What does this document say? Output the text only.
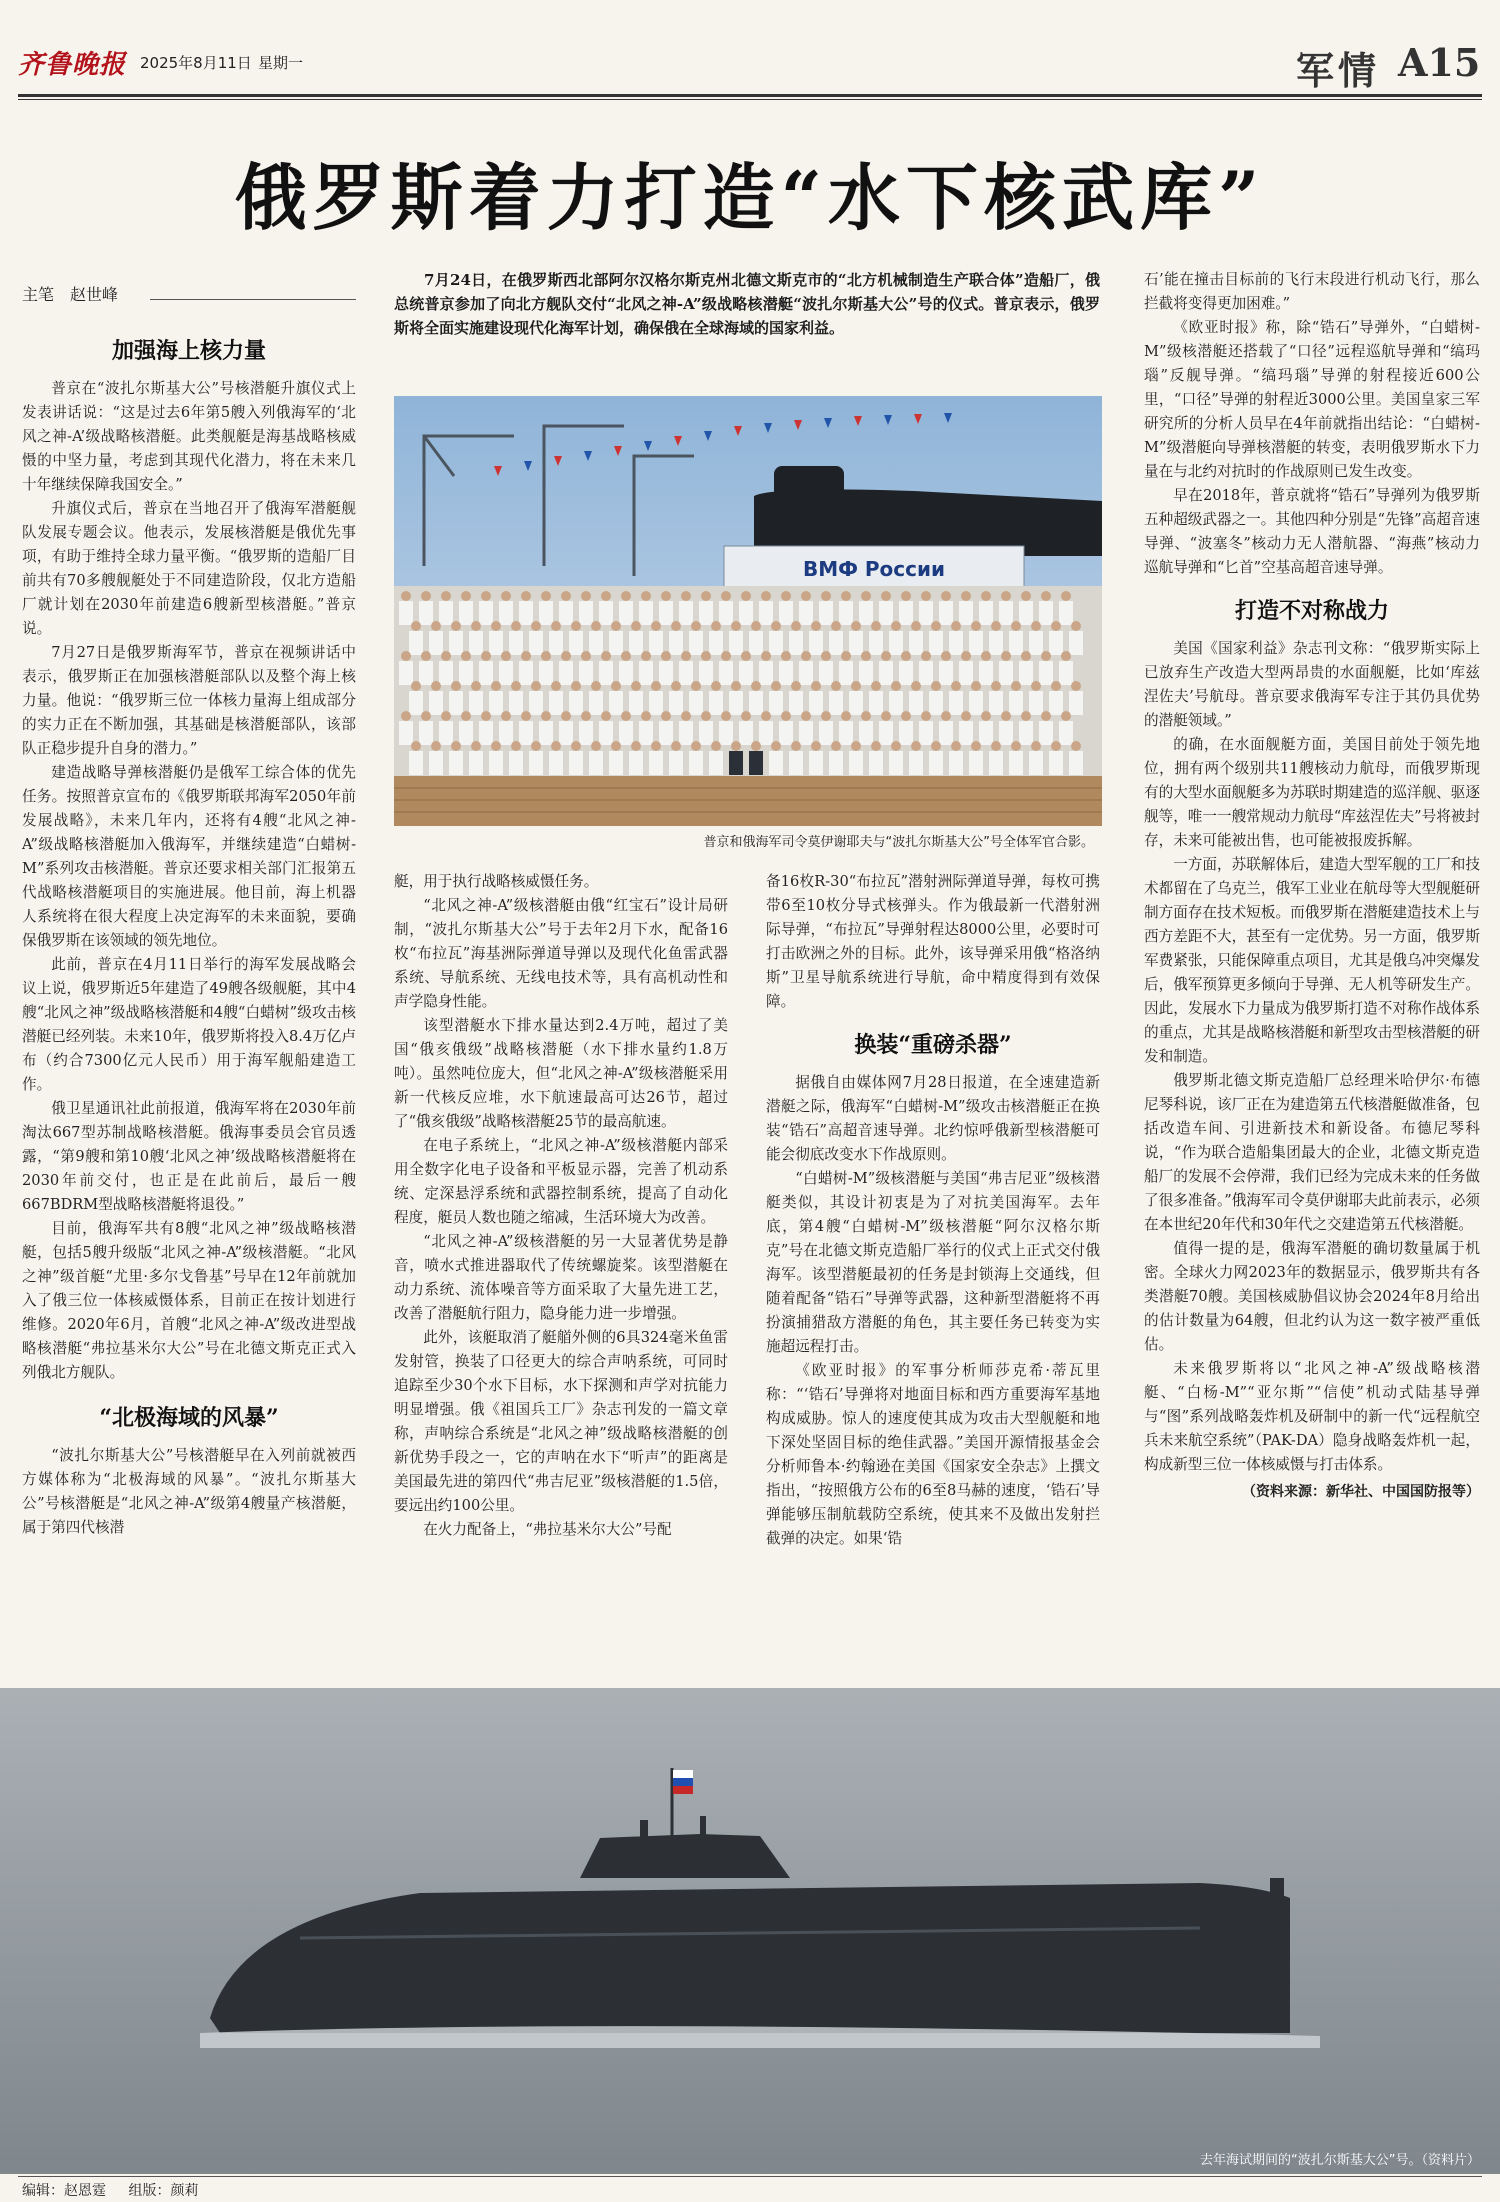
齐鲁晚报 2025年8月11日 星期一	军情 A15
俄罗斯着力打造“水下核武库”
主笔　赵世峰
加强海上核力量

普京在“波扎尔斯基大公”号核潜艇升旗仪式上发表讲话说：“这是过去6年第5艘入列俄海军的‘北风之神-A’级战略核潜艇。此类舰艇是海基战略核威慑的中坚力量，考虑到其现代化潜力，将在未来几十年继续保障我国安全。”

升旗仪式后，普京在当地召开了俄海军潜艇舰队发展专题会议。他表示，发展核潜艇是俄优先事项，有助于维持全球力量平衡。“俄罗斯的造船厂目前共有70多艘舰艇处于不同建造阶段，仅北方造船厂就计划在2030年前建造6艘新型核潜艇。”普京说。

7月27日是俄罗斯海军节，普京在视频讲话中表示，俄罗斯正在加强核潜艇部队以及整个海上核力量。他说：“俄罗斯三位一体核力量海上组成部分的实力正在不断加强，其基础是核潜艇部队，该部队正稳步提升自身的潜力。”

建造战略导弹核潜艇仍是俄军工综合体的优先任务。按照普京宣布的《俄罗斯联邦海军2050年前发展战略》，未来几年内，还将有4艘“北风之神-A”级战略核潜艇加入俄海军，并继续建造“白蜡树-M”系列攻击核潜艇。普京还要求相关部门汇报第五代战略核潜艇项目的实施进展。他目前，海上机器人系统将在很大程度上决定海军的未来面貌，要确保俄罗斯在该领域的领先地位。

此前，普京在4月11日举行的海军发展战略会议上说，俄罗斯近5年建造了49艘各级舰艇，其中4艘“北风之神”级战略核潜艇和4艘“白蜡树”级攻击核潜艇已经列装。未来10年，俄罗斯将投入8.4万亿卢布（约合7300亿元人民币）用于海军舰船建造工作。

俄卫星通讯社此前报道，俄海军将在2030年前淘汰667型苏制战略核潜艇。俄海事委员会官员透露，“第9艘和第10艘‘北风之神’级战略核潜艇将在2030年前交付，也正是在此前后，最后一艘667BDRM型战略核潜艇将退役。”

目前，俄海军共有8艘“北风之神”级战略核潜艇，包括5艘升级版“北风之神-A”级核潜艇。“北风之神”级首艇“尤里·多尔戈鲁基”号早在12年前就加入了俄三位一体核威慑体系，目前正在按计划进行维修。2020年6月，首艘“北风之神-A”级改进型战略核潜艇“弗拉基米尔大公”号在北德文斯克正式入列俄北方舰队。

“北极海域的风暴”

“波扎尔斯基大公”号核潜艇早在入列前就被西方媒体称为“北极海域的风暴”。“波扎尔斯基大公”号核潜艇是“北风之神-A”级第4艘量产核潜艇，属于第四代核潜

7月24日，在俄罗斯西北部阿尔汉格尔斯克州北德文斯克市的“北方机械制造生产联合体”造船厂，俄总统普京参加了向北方舰队交付“北风之神-A”级战略核潜艇“波扎尔斯基大公”号的仪式。普京表示，俄罗斯将全面实施建设现代化海军计划，确保俄在全球海域的国家利益。

ВМФ России
普京和俄海军司令莫伊谢耶夫与“波扎尔斯基大公”号全体军官合影。

艇，用于执行战略核威慑任务。

“北风之神-A”级核潜艇由俄“红宝石”设计局研制，“波扎尔斯基大公”号于去年2月下水，配备16枚“布拉瓦”海基洲际弹道导弹以及现代化鱼雷武器系统、导航系统、无线电技术等，具有高机动性和声学隐身性能。

该型潜艇水下排水量达到2.4万吨，超过了美国“俄亥俄级”战略核潜艇（水下排水量约1.8万吨）。虽然吨位庞大，但“北风之神-A”级核潜艇采用新一代核反应堆，水下航速最高可达26节，超过了“俄亥俄级”战略核潜艇25节的最高航速。

在电子系统上，“北风之神-A”级核潜艇内部采用全数字化电子设备和平板显示器，完善了机动系统、定深悬浮系统和武器控制系统，提高了自动化程度，艇员人数也随之缩减，生活环境大为改善。

“北风之神-A”级核潜艇的另一大显著优势是静音，喷水式推进器取代了传统螺旋桨。该型潜艇在动力系统、流体噪音等方面采取了大量先进工艺，改善了潜艇航行阻力，隐身能力进一步增强。

此外，该艇取消了艇艏外侧的6具324毫米鱼雷发射管，换装了口径更大的综合声呐系统，可同时追踪至少30个水下目标，水下探测和声学对抗能力明显增强。俄《祖国兵工厂》杂志刊发的一篇文章称，声呐综合系统是“北风之神”级战略核潜艇的创新优势手段之一，它的声呐在水下“听声”的距离是美国最先进的第四代“弗吉尼亚”级核潜艇的1.5倍，要远出约100公里。

在火力配备上，“弗拉基米尔大公”号配

备16枚R-30“布拉瓦”潜射洲际弹道导弹，每枚可携带6至10枚分导式核弹头。作为俄最新一代潜射洲际导弹，“布拉瓦”导弹射程达8000公里，必要时可打击欧洲之外的目标。此外，该导弹采用俄“格洛纳斯”卫星导航系统进行导航，命中精度得到有效保障。

换装“重磅杀器”

据俄自由媒体网7月28日报道，在全速建造新潜艇之际，俄海军“白蜡树-M”级攻击核潜艇正在换装“锆石”高超音速导弹。北约惊呼俄新型核潜艇可能会彻底改变水下作战原则。

“白蜡树-M”级核潜艇与美国“弗吉尼亚”级核潜艇类似，其设计初衷是为了对抗美国海军。去年底，第4艘“白蜡树-M”级核潜艇“阿尔汉格尔斯克”号在北德文斯克造船厂举行的仪式上正式交付俄海军。该型潜艇最初的任务是封锁海上交通线，但随着配备“锆石”导弹等武器，这种新型潜艇将不再扮演捕猎敌方潜艇的角色，其主要任务已转变为实施超远程打击。

《欧亚时报》的军事分析师莎克希·蒂瓦里称：“‘锆石’导弹将对地面目标和西方重要海军基地构成威胁。惊人的速度使其成为攻击大型舰艇和地下深处坚固目标的绝佳武器。”美国开源情报基金会分析师鲁本·约翰逊在美国《国家安全杂志》上撰文指出，“按照俄方公布的6至8马赫的速度，‘锆石’导弹能够压制航载防空系统，使其来不及做出发射拦截弹的决定。如果‘锆

石’能在撞击目标前的飞行末段进行机动飞行，那么拦截将变得更加困难。”

《欧亚时报》称，除“锆石”导弹外，“白蜡树-M”级核潜艇还搭载了“口径”远程巡航导弹和“缟玛瑙”反舰导弹。“缟玛瑙”导弹的射程接近600公里，“口径”导弹的射程近3000公里。美国皇家三军研究所的分析人员早在4年前就指出结论：“白蜡树-M”级潜艇向导弹核潜艇的转变，表明俄罗斯水下力量在与北约对抗时的作战原则已发生改变。

早在2018年，普京就将“锆石”导弹列为俄罗斯五种超级武器之一。其他四种分别是“先锋”高超音速导弹、“波塞冬”核动力无人潜航器、“海燕”核动力巡航导弹和“匕首”空基高超音速导弹。

打造不对称战力

美国《国家利益》杂志刊文称：“俄罗斯实际上已放弃生产改造大型两昂贵的水面舰艇，比如‘库兹涅佐夫’号航母。普京要求俄海军专注于其仍具优势的潜艇领域。”

的确，在水面舰艇方面，美国目前处于领先地位，拥有两个级别共11艘核动力航母，而俄罗斯现有的大型水面舰艇多为苏联时期建造的巡洋舰、驱逐舰等，唯一一艘常规动力航母“库兹涅佐夫”号将被封存，未来可能被出售，也可能被报废拆解。

一方面，苏联解体后，建造大型军舰的工厂和技术都留在了乌克兰，俄军工业业在航母等大型舰艇研制方面存在技术短板。而俄罗斯在潜艇建造技术上与西方差距不大，甚至有一定优势。另一方面，俄罗斯军费紧张，只能保障重点项目，尤其是俄乌冲突爆发后，俄军预算更多倾向于导弹、无人机等研发生产。因此，发展水下力量成为俄罗斯打造不对称作战体系的重点，尤其是战略核潜艇和新型攻击型核潜艇的研发和制造。

俄罗斯北德文斯克造船厂总经理米哈伊尔·布德尼琴科说，该厂正在为建造第五代核潜艇做准备，包括改造车间、引进新技术和新设备。布德尼琴科说，“作为联合造船集团最大的企业，北德文斯克造船厂的发展不会停滞，我们已经为完成未来的任务做了很多准备。”俄海军司令莫伊谢耶夫此前表示，必须在本世纪20年代和30年代之交建造第五代核潜艇。

值得一提的是，俄海军潜艇的确切数量属于机密。全球火力网2023年的数据显示，俄罗斯共有各类潜艇70艘。美国核威胁倡议协会2024年8月给出的估计数量为64艘，但北约认为这一数字被严重低估。

未来俄罗斯将以“北风之神-A”级战略核潜艇、“白杨-M”“亚尔斯”“信使”机动式陆基导弹与“图”系列战略轰炸机及研制中的新一代“远程航空兵未来航空系统”（PAK-DA）隐身战略轰炸机一起，构成新型三位一体核威慑与打击体系。

（资料来源：新华社、中国国防报等）
去年海试期间的“波扎尔斯基大公”号。（资料片）
编辑：赵恩霆 组版：颜莉
